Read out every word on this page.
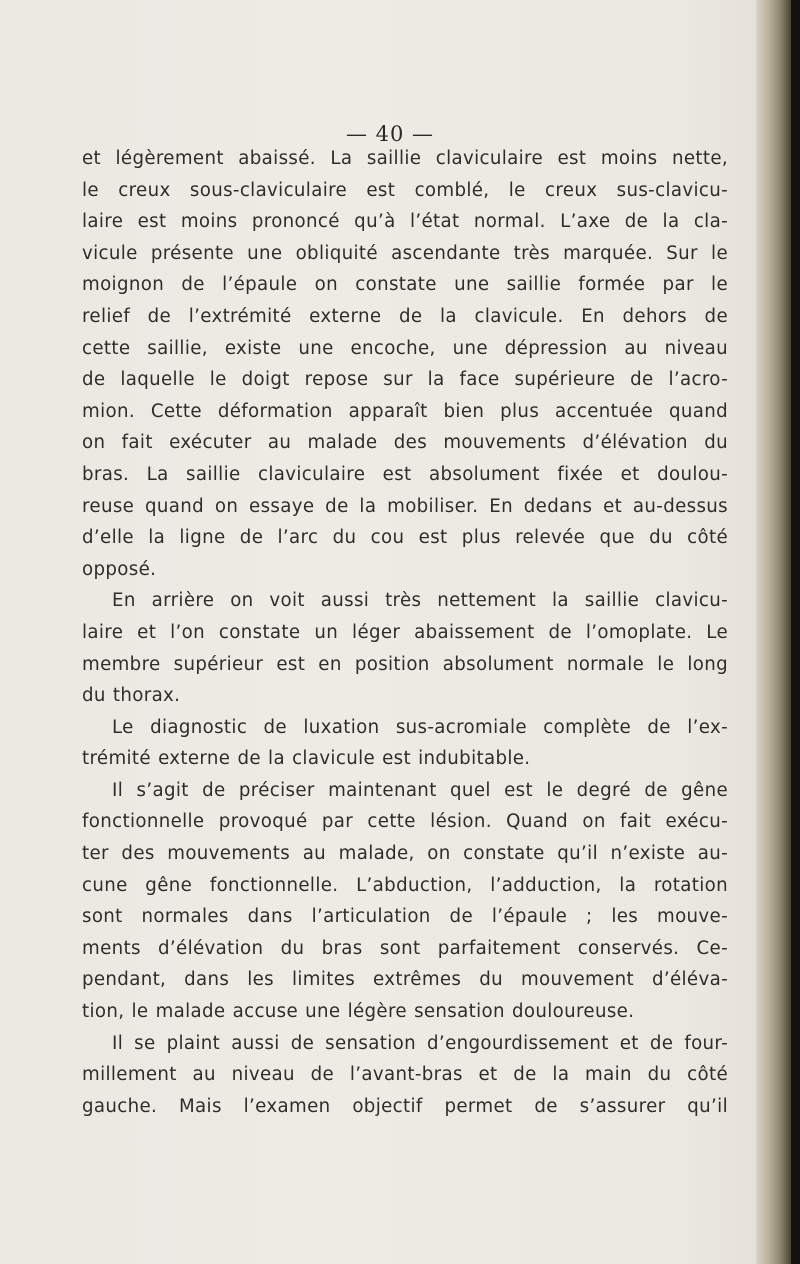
— 40 —
et légèrement abaissé. La saillie claviculaire est moins nette,
le creux sous-claviculaire est comblé, le creux sus-clavicu-
laire est moins prononcé qu’à l’état normal. L’axe de la cla-
vicule présente une obliquité ascendante très marquée. Sur le
moignon de l’épaule on constate une saillie formée par le
relief de l’extrémité externe de la clavicule. En dehors de
cette saillie, existe une encoche, une dépression au niveau
de laquelle le doigt repose sur la face supérieure de l’acro-
mion. Cette déformation apparaît bien plus accentuée quand
on fait exécuter au malade des mouvements d’élévation du
bras. La saillie claviculaire est absolument fixée et doulou-
reuse quand on essaye de la mobiliser. En dedans et au-dessus
d’elle la ligne de l’arc du cou est plus relevée que du côté
opposé.
En arrière on voit aussi très nettement la saillie clavicu-
laire et l’on constate un léger abaissement de l’omoplate. Le
membre supérieur est en position absolument normale le long
du thorax.
Le diagnostic de luxation sus-acromiale complète de l’ex-
trémité externe de la clavicule est indubitable.
Il s’agit de préciser maintenant quel est le degré de gêne
fonctionnelle provoqué par cette lésion. Quand on fait exécu-
ter des mouvements au malade, on constate qu’il n’existe au-
cune gêne fonctionnelle. L’abduction, l’adduction, la rotation
sont normales dans l’articulation de l’épaule ; les mouve-
ments d’élévation du bras sont parfaitement conservés. Ce-
pendant, dans les limites extrêmes du mouvement d’éléva-
tion, le malade accuse une légère sensation douloureuse.
Il se plaint aussi de sensation d’engourdissement et de four-
millement au niveau de l’avant-bras et de la main du côté
gauche. Mais l’examen objectif permet de s’assurer qu’il
